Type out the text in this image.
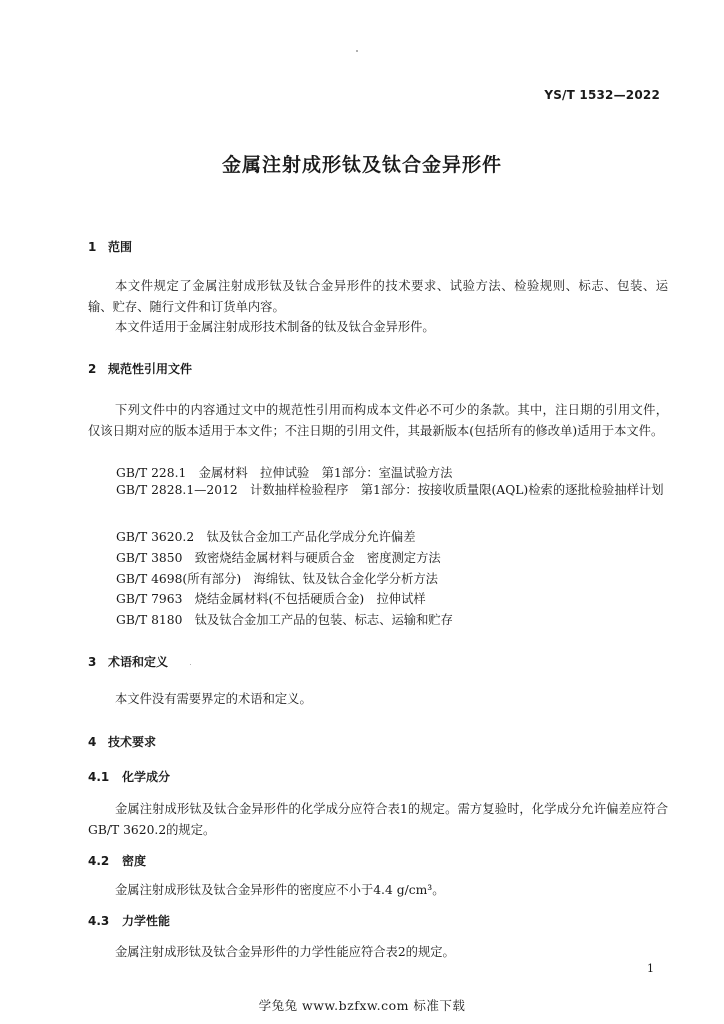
YS/T 1532—2022
金属注射成形钛及钛合金异形件
1 范围
本文件规定了金属注射成形钛及钛合金异形件的技术要求、试验方法、检验规则、标志、包装、运输、贮存、随行文件和订货单内容。
本文件适用于金属注射成形技术制备的钛及钛合金异形件。
2 规范性引用文件
下列文件中的内容通过文中的规范性引用而构成本文件必不可少的条款。其中，注日期的引用文件，仅该日期对应的版本适用于本文件；不注日期的引用文件，其最新版本(包括所有的修改单)适用于本文件。
GB/T 228.1　 金属材料　拉伸试验　第1部分：室温试验方法
GB/T 2828.1—2012　 计数抽样检验程序　第1部分：按接收质量限(AQL)检索的逐批检验抽样计划
GB/T 3620.2　 钛及钛合金加工产品化学成分允许偏差
GB/T 3850　 致密烧结金属材料与硬质合金　密度测定方法
GB/T 4698(所有部分)　 海绵钛、钛及钛合金化学分析方法
GB/T 7963　 烧结金属材料(不包括硬质合金)　拉伸试样
GB/T 8180　 钛及钛合金加工产品的包装、标志、运输和贮存
3 术语和定义
本文件没有需要界定的术语和定义。
4 技术要求
4.1 化学成分
金属注射成形钛及钛合金异形件的化学成分应符合表1的规定。需方复验时，化学成分允许偏差应符合GB/T 3620.2的规定。
4.2 密度
金属注射成形钛及钛合金异形件的密度应不小于4.4 g/cm³。
4.3 力学性能
金属注射成形钛及钛合金异形件的力学性能应符合表2的规定。
1
学兔兔 www.bzfxw.com 标准下载
